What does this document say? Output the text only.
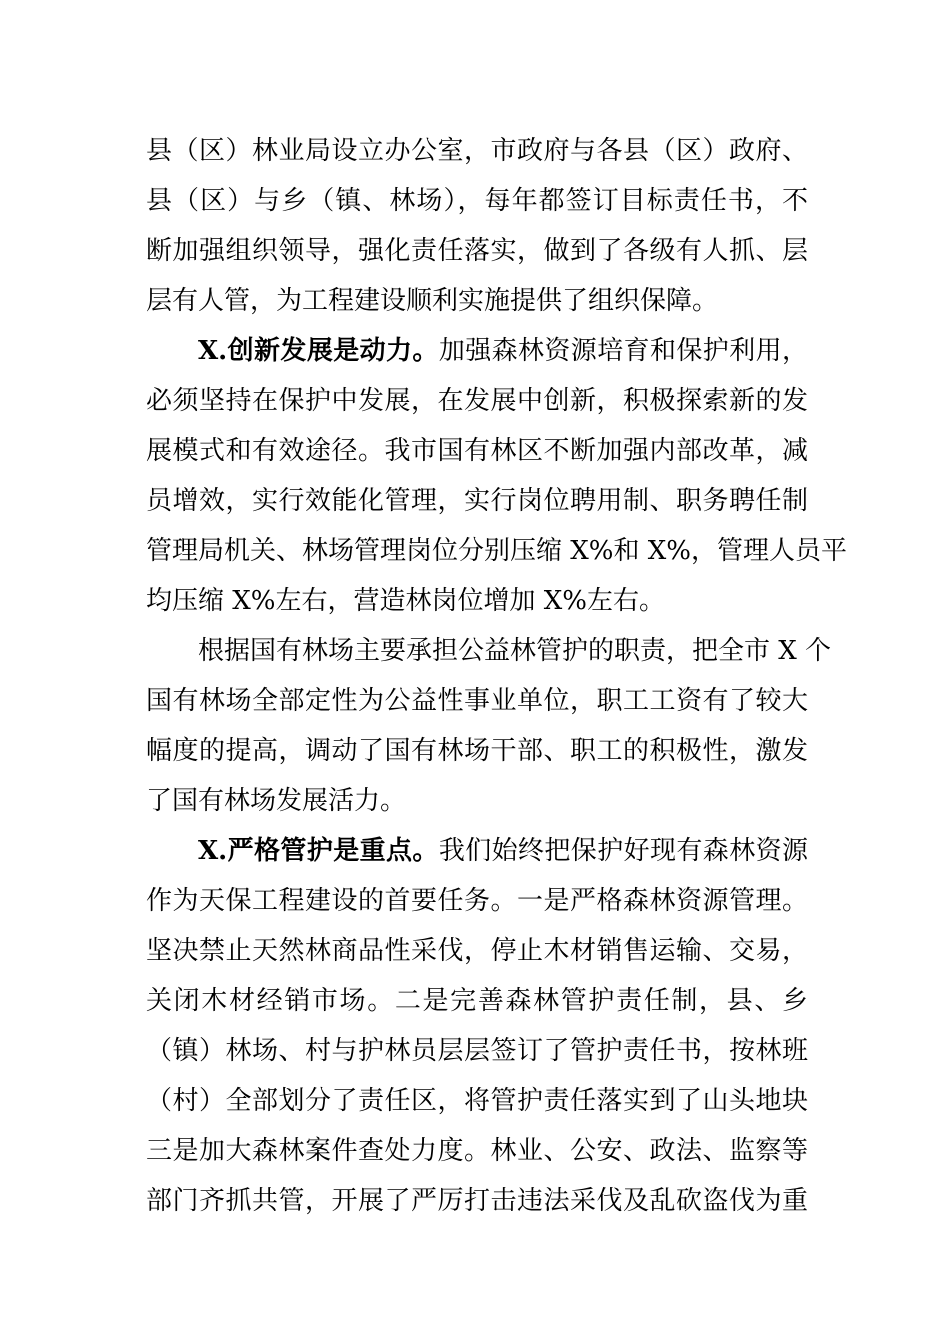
县（区）林业局设立办公室，市政府与各县（区）政府、
县（区）与乡（镇、林场），每年都签订目标责任书，不
断加强组织领导，强化责任落实，做到了各级有人抓、层
层有人管，为工程建设顺利实施提供了组织保障。
X.创新发展是动力。加强森林资源培育和保护利用，
必须坚持在保护中发展，在发展中创新，积极探索新的发
展模式和有效途径。我市国有林区不断加强内部改革，减
员增效，实行效能化管理，实行岗位聘用制、职务聘任制
管理局机关、林场管理岗位分别压缩 X%和 X%，管理人员平
均压缩 X%左右，营造林岗位增加 X%左右。
根据国有林场主要承担公益林管护的职责，把全市 X 个
国有林场全部定性为公益性事业单位，职工工资有了较大
幅度的提高，调动了国有林场干部、职工的积极性，激发
了国有林场发展活力。
X.严格管护是重点。我们始终把保护好现有森林资源
作为天保工程建设的首要任务。一是严格森林资源管理。
坚决禁止天然林商品性采伐，停止木材销售运输、交易，
关闭木材经销市场。二是完善森林管护责任制，县、乡
（镇）林场、村与护林员层层签订了管护责任书，按林班
（村）全部划分了责任区，将管护责任落实到了山头地块
三是加大森林案件查处力度。林业、公安、政法、监察等
部门齐抓共管，开展了严厉打击违法采伐及乱砍盗伐为重
